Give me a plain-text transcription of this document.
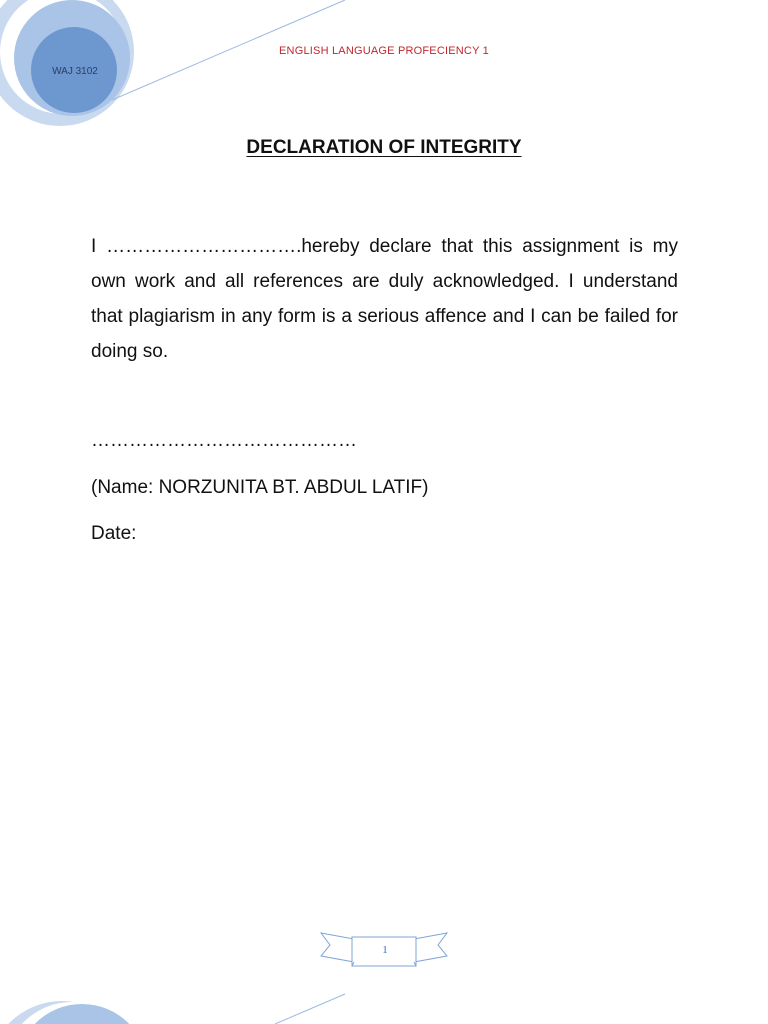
WAJ 3102
ENGLISH LANGUAGE PROFECIENCY 1
DECLARATION OF INTEGRITY

I ………………………….hereby declare that this assignment is my own work and all references are duly acknowledged. I understand that plagiarism in any form is a serious affence and I can be failed for doing so.

……………………………………
(Name: NORZUNITA BT. ABDUL LATIF)
Date:
1
